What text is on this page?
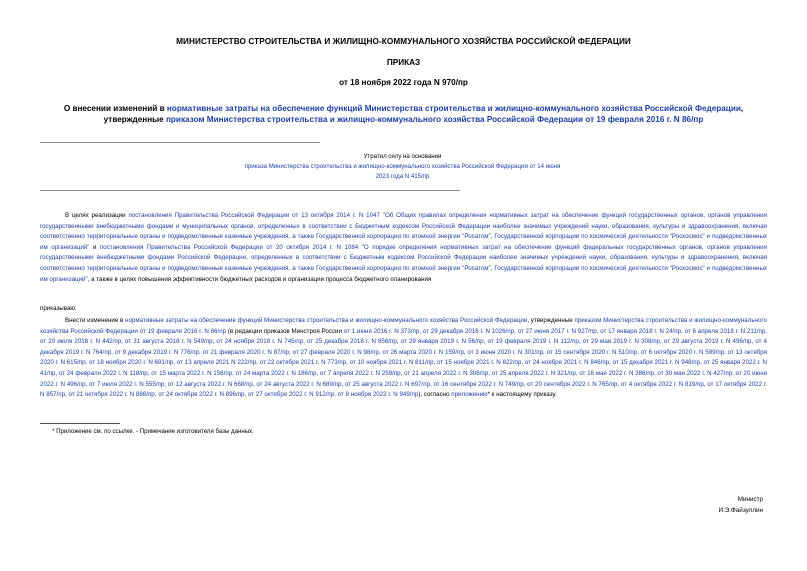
МИНИСТЕРСТВО СТРОИТЕЛЬСТВА И ЖИЛИЩНО-КОММУНАЛЬНОГО ХОЗЯЙСТВА РОССИЙСКОЙ ФЕДЕРАЦИИ
ПРИКАЗ
от 18 ноября 2022 года N 970/пр
О внесении изменений в нормативные затраты на обеспечение функций Министерства строительства и жилищно-коммунального хозяйства Российской Федерации, утвержденные приказом Министерства строительства и жилищно-коммунального хозяйства Российской Федерации от 19 февраля 2016 г. N 86/пр
Утратил силу на основании
приказа Министерства строительства и жилищно-коммунального хозяйства Российской Федерации от 14 июня 2023 года N 415/пр
В целях реализации постановления Правительства Российской Федерации от 13 октября 2014 г. N 1047 "Об Общих правилах определения нормативных затрат на обеспечение функций государственных органов, органов управления государственными внебюджетными фондами и муниципальных органов, определенных в соответствии с Бюджетным кодексом Российской Федерации наиболее значимых учреждений науки, образования, культуры и здравоохранения, включая соответственно территориальные органы и подведомственные казенные учреждения, а также Государственной корпорации по атомной энергии "Росатом", Государственной корпорации по космической деятельности "Роскосмос" и подведомственных им организаций" и постановления Правительства Российской Федерации от 20 октября 2014 г. N 1084 "О порядке определения нормативных затрат на обеспечение функций федеральных государственных органов, органов управления государственными внебюджетными фондами Российской Федерации, определенных в соответствии с Бюджетным кодексом Российской Федерации наиболее значимых учреждений науки, образования, культуры и здравоохранения, включая соответственно территориальные органы и подведомственные казенные учреждения, а также Государственной корпорации по атомной энергии "Росатом", Государственной корпорации по космической деятельности "Роскосмос" и подведомственных им организаций", а также в целях повышения эффективности бюджетных расходов и организации процесса бюджетного планирования
приказываю:
Внести изменение в нормативные затраты на обеспечение функций Министерства строительства и жилищно-коммунального хозяйства Российской Федерации, утвержденные приказом Министерства строительства и жилищно-коммунального хозяйства Российской Федерации от 19 февраля 2016 г. N 86/пр (в редакции приказов Минстроя России от 1 июня 2016 г. N 373/пр, от 29 декабря 2016 г. N 1026/пр, от 27 июня 2017 г. N 927/пр, от 17 января 2018 г. N 24/пр, от 6 апреля 2018 г. N 211/пр, от 20 июля 2018 г. N 442/пр, от 31 августа 2018 г. N 549/пр, от 24 ноября 2018 г. N 745/пр, от 25 декабря 2018 г. N 856/пр, от 29 января 2019 г. N 56/пр, от 19 февраля 2019 г. N 112/пр, от 29 мая 2019 г. N 308/пр, от 29 августа 2019 г. N 496/пр, от 4 декабря 2019 г. N 764/пр, от 9 декабря 2019 г. N 776/пр, от 21 февраля 2020 г. N 87/пр, от 27 февраля 2020 г. N 98/пр, от 26 марта 2020 г. N 159/пр, от 3 июня 2020 г. N 301/пр, от 15 сентября 2020 г. N 510/пр, от 6 октября 2020 г. N 589/пр, от 13 октября 2020 г. N 615/пр, от 18 ноября 2020 г. N 691/пр, от 13 апреля 2021 N 222/пр, от 22 октября 2021 г. N 773/пр, от 10 ноября 2021 г. N 811/пр, от 15 ноября 2021 г. N 822/пр, от 24 ноября 2021 г. N 846/пр, от 15 декабря 2021 г. N 948/пр, от 25 января 2022 г. N 41/пр, от 24 февраля 2022 г. N 118/пр, от 15 марта 2022 г. N 156/пр, от 24 марта 2022 г. N 186/пр, от 7 апреля 2022 г. N 259/пр, от 21 апреля 2022 г. N 306/пр, от 25 апреля 2022 г. N 321/пр, от 16 мая 2022 г. N 386/пр, от 30 мая 2022 г. N 427/пр, от 20 июня 2022 г. N 496/пр, от 7 июля 2022 г. N 555/пр, от 12 августа 2022 г. N 668/пр, от 24 августа 2022 г. N 689/пр, от 25 августа 2022 г. N 697/пр, от 16 сентября 2022 г. N 749/пр, от 20 сентября 2022 г. N 765/пр, от 4 октября 2022 г. N 819/пр, от 17 октября 2022 г. N 857/пр, от 21 октября 2022 г. N 886/пр, от 24 октября 2022 г. N 896/пр, от 27 октября 2022 г. N 912/пр, от 8 ноября 2022 г. N 949/пр), согласно приложению* к настоящему приказу.
* Приложение см. по ссылке. - Примечание изготовителя базы данных.
Министр
И.Э.Файзуллин
